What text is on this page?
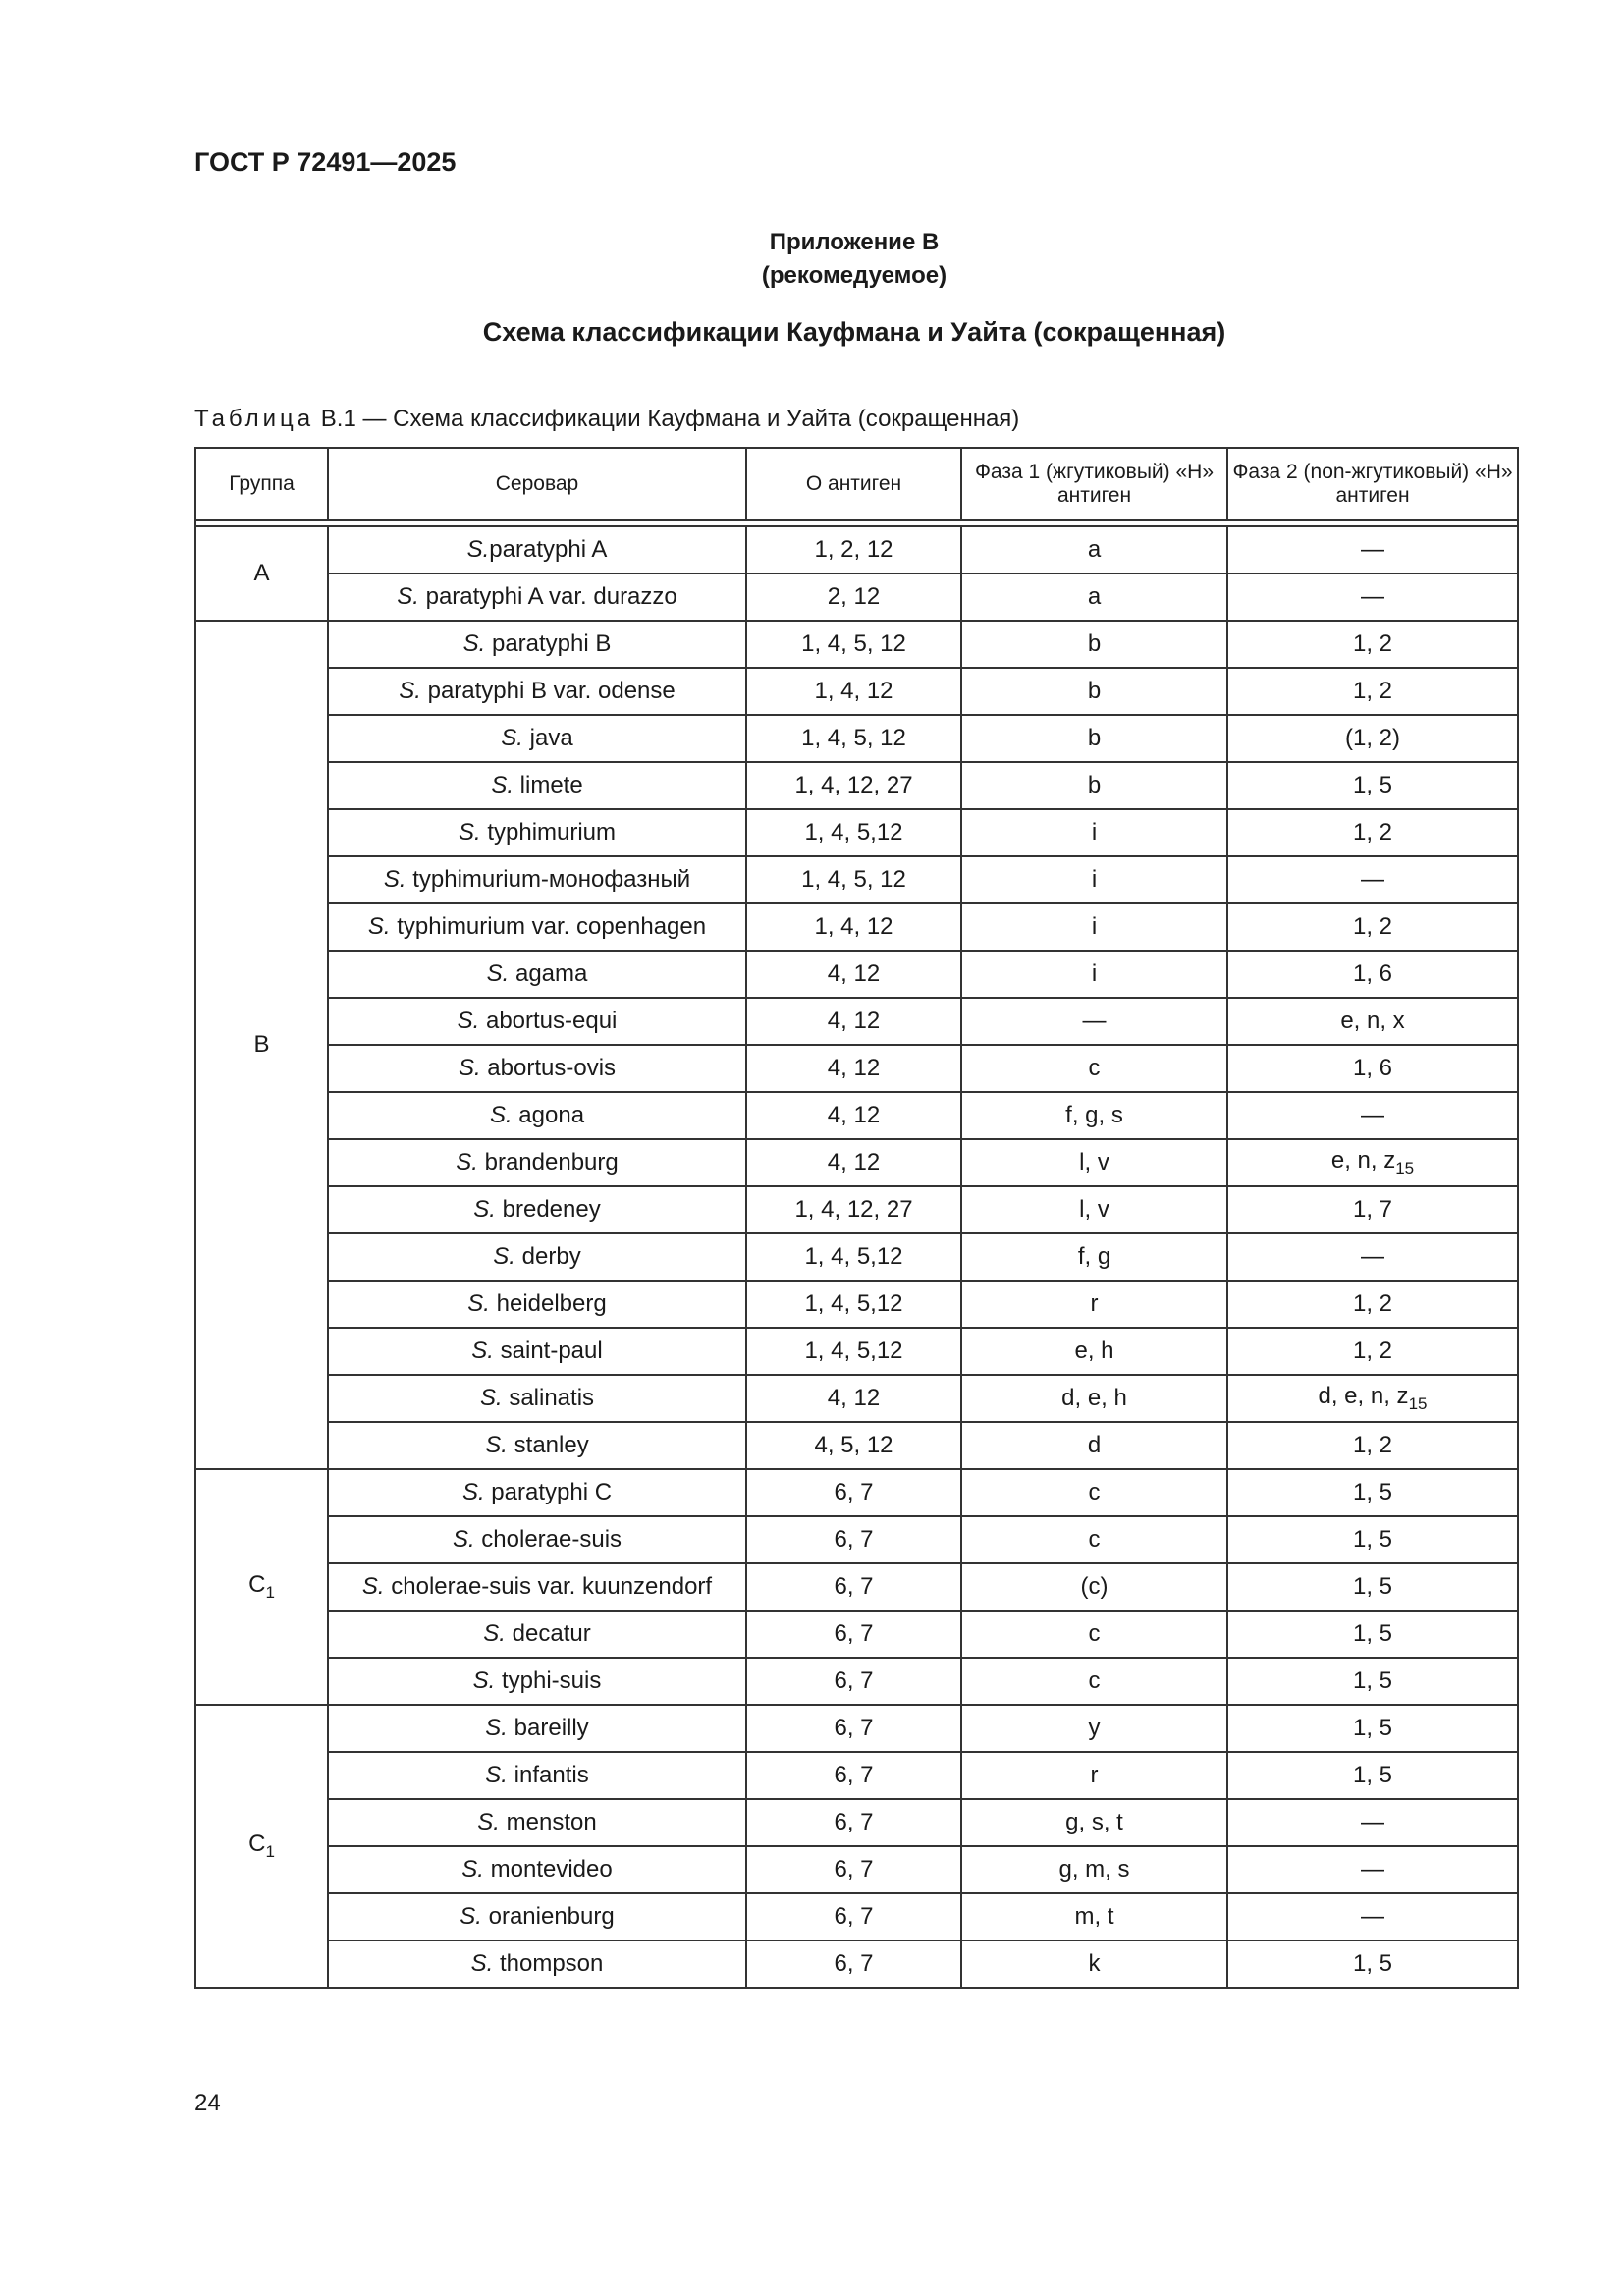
ГОСТ Р 72491—2025
Приложение В
(рекомедуемое)
Схема классификации Кауфмана и Уайта (сокращенная)
Таблица В.1 — Схема классификации Кауфмана и Уайта (сокращенная)
Группа	Серовар	О антиген	Фаза 1 (жгутиковый) «Н» антиген	Фаза 2 (non-жгутиковый) «Н» антиген

A	S.paratyphi A	1, 2, 12	a	—
	S. paratyphi A var. durazzo	2, 12	a	—
B	S. paratyphi B	1, 4, 5, 12	b	1, 2
	S. paratyphi B var. odense	1, 4, 12	b	1, 2
	S. java	1, 4, 5, 12	b	(1, 2)
	S. limete	1, 4, 12, 27	b	1, 5
	S. typhimurium	1, 4, 5,12	i	1, 2
	S. typhimurium-монофазный	1, 4, 5, 12	i	—
	S. typhimurium var. copenhagen	1, 4, 12	i	1, 2
	S. agama	4, 12	i	1, 6
	S. abortus-equi	4, 12	—	e, n, x
	S. abortus-ovis	4, 12	c	1, 6
	S. agona	4, 12	f, g, s	—
	S. brandenburg	4, 12	l, v	e, n, $z_{15}$
	S. bredeney	1, 4, 12, 27	l, v	1, 7
	S. derby	1, 4, 5,12	f, g	—
	S. heidelberg	1, 4, 5,12	r	1, 2
	S. saint-paul	1, 4, 5,12	e, h	1, 2
	S. salinatis	4, 12	d, e, h	d, e, n, $z_{15}$
	S. stanley	4, 5, 12	d	1, 2
$C_1$	S. paratyphi C	6, 7	c	1, 5
	S. cholerae-suis	6, 7	c	1, 5
	S. cholerae-suis var. kuunzendorf	6, 7	(c)	1, 5
	S. decatur	6, 7	c	1, 5
	S. typhi-suis	6, 7	c	1, 5
$C_1$	S. bareilly	6, 7	y	1, 5
	S. infantis	6, 7	r	1, 5
	S. menston	6, 7	g, s, t	—
	S. montevideo	6, 7	g, m, s	—
	S. oranienburg	6, 7	m, t	—
	S. thompson	6, 7	k	1, 5
24
